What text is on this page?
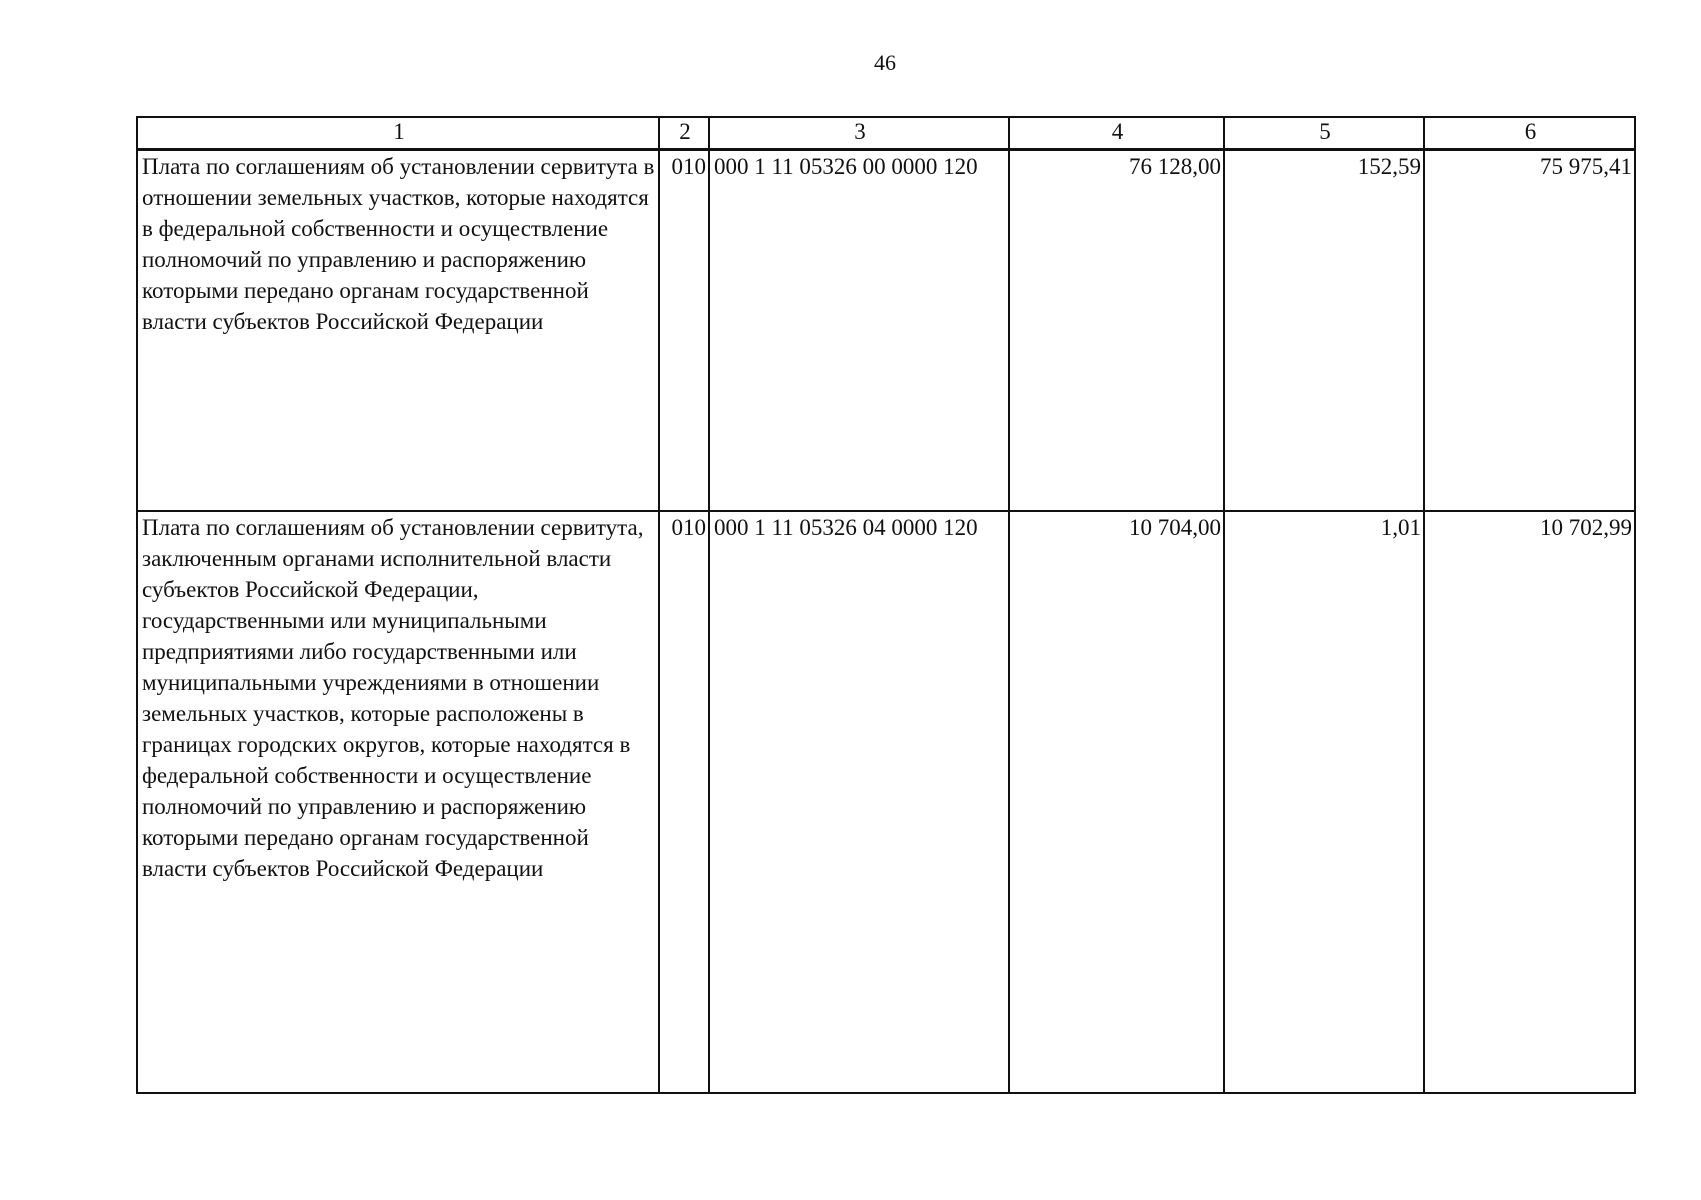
46
1	2	3	4	5	6
Плата по соглашениям об установлении сервитута в отношении земельных участков, которые находятся в федеральной собственности и осуществление полномочий по управлению и распоряжению которыми передано органам государственной власти субъектов Российской Федерации	010	000 1 11 05326 00 0000 120	76 128,00	152,59	75 975,41
Плата по соглашениям об установлении сервитута, заключенным органами исполнительной власти субъектов Российской Федерации, государственными или муниципальными предприятиями либо государственными или муниципальными учреждениями в отношении земельных участков, которые расположены в границах городских округов, которые находятся в федеральной собственности и осуществление полномочий по управлению и распоряжению которыми передано органам государственной власти субъектов Российской Федерации	010	000 1 11 05326 04 0000 120	10 704,00	1,01	10 702,99
